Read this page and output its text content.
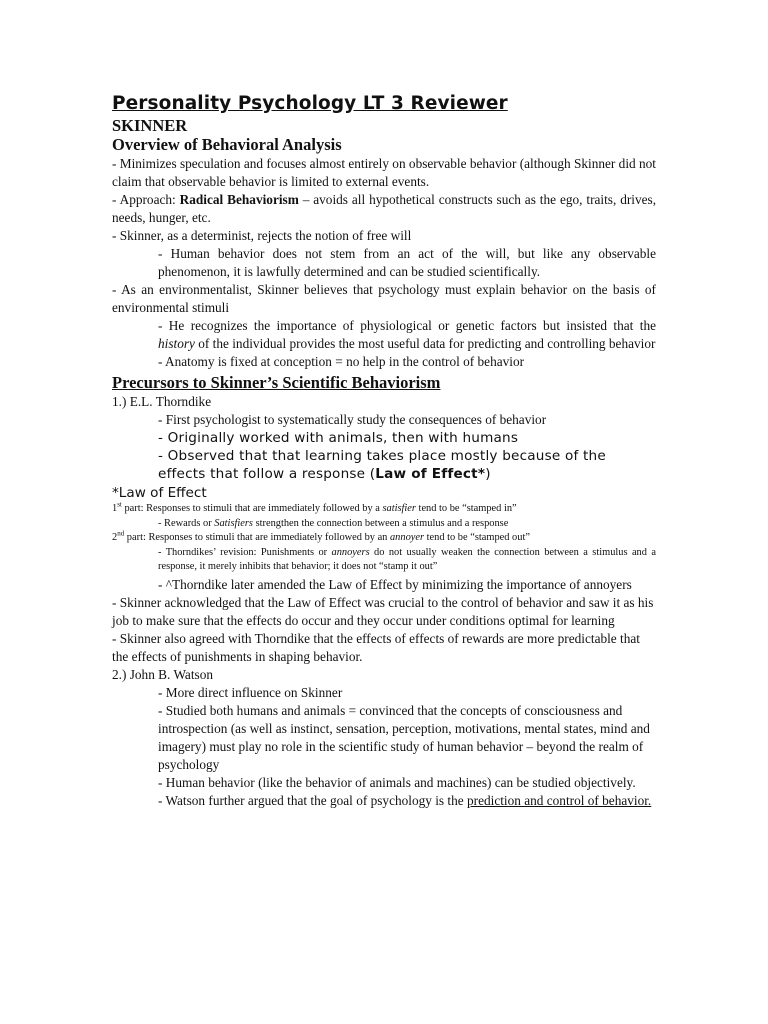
Personality Psychology LT 3 Reviewer
SKINNER
Overview of Behavioral Analysis

- Minimizes speculation and focuses almost entirely on observable behavior (although Skinner did not claim that observable behavior is limited to external events.

- Approach: Radical Behaviorism – avoids all hypothetical constructs such as the ego, traits, drives, needs, hunger, etc.

- Skinner, as a determinist, rejects the notion of free will

- Human behavior does not stem from an act of the will, but like any observable phenomenon, it is lawfully determined and can be studied scientifically.

- As an environmentalist, Skinner believes that psychology must explain behavior on the basis of environmental stimuli

- He recognizes the importance of physiological or genetic factors but insisted that the history of the individual provides the most useful data for predicting and controlling behavior

- Anatomy is fixed at conception = no help in the control of behavior

Precursors to Skinner’s Scientific Behaviorism

1.) E.L. Thorndike

- First psychologist to systematically study the consequences of behavior

- Originally worked with animals, then with humans

- Observed that that learning takes place mostly because of the effects that follow a response (Law of Effect*)

*Law of Effect

1st part: Responses to stimuli that are immediately followed by a satisfier tend to be “stamped in”

- Rewards or Satisfiers strengthen the connection between a stimulus and a response

2nd part: Responses to stimuli that are immediately followed by an annoyer tend to be “stamped out”

- Thorndikes’ revision: Punishments or annoyers do not usually weaken the connection between a stimulus and a response, it merely inhibits that behavior; it does not “stamp it out”

- ^Thorndike later amended the Law of Effect by minimizing the importance of annoyers

- Skinner acknowledged that the Law of Effect was crucial to the control of behavior and saw it as his job to make sure that the effects do occur and they occur under conditions optimal for learning

- Skinner also agreed with Thorndike that the effects of effects of rewards are more predictable that the effects of punishments in shaping behavior.

2.) John B. Watson

- More direct influence on Skinner

- Studied both humans and animals = convinced that the concepts of consciousness and introspection (as well as instinct, sensation, perception, motivations, mental states, mind and imagery) must play no role in the scientific study of human behavior – beyond the realm of psychology

- Human behavior (like the behavior of animals and machines) can be studied objectively.

- Watson further argued that the goal of psychology is the prediction and control of behavior.
